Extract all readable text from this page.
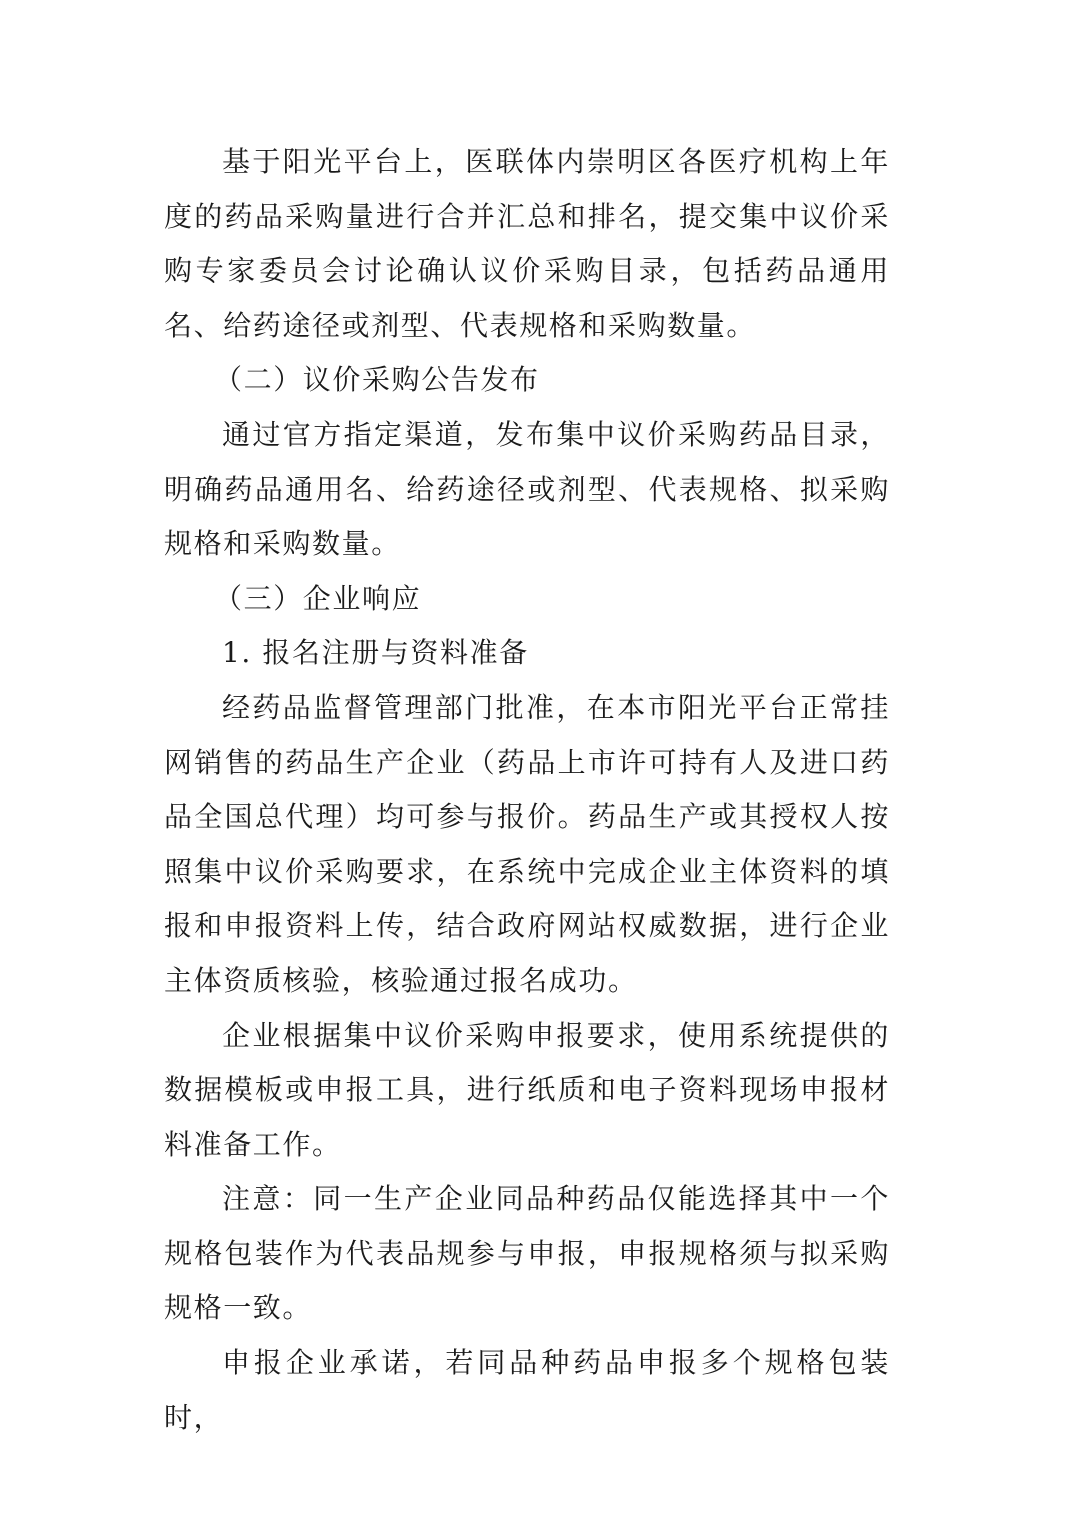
基于阳光平台上，医联体内崇明区各医疗机构上年度的药品采购量进行合并汇总和排名，提交集中议价采购专家委员会讨论确认议价采购目录，包括药品通用名、给药途径或剂型、代表规格和采购数量。

（二）议价采购公告发布

通过官方指定渠道，发布集中议价采购药品目录，明确药品通用名、给药途径或剂型、代表规格、拟采购规格和采购数量。

（三）企业响应

1. 报名注册与资料准备

经药品监督管理部门批准，在本市阳光平台正常挂网销售的药品生产企业（药品上市许可持有人及进口药品全国总代理）均可参与报价。药品生产或其授权人按照集中议价采购要求，在系统中完成企业主体资料的填报和申报资料上传，结合政府网站权威数据，进行企业主体资质核验，核验通过报名成功。

企业根据集中议价采购申报要求，使用系统提供的数据模板或申报工具，进行纸质和电子资料现场申报材料准备工作。

注意：同一生产企业同品种药品仅能选择其中一个规格包装作为代表品规参与申报，申报规格须与拟采购规格一致。

申报企业承诺，若同品种药品申报多个规格包装时，
